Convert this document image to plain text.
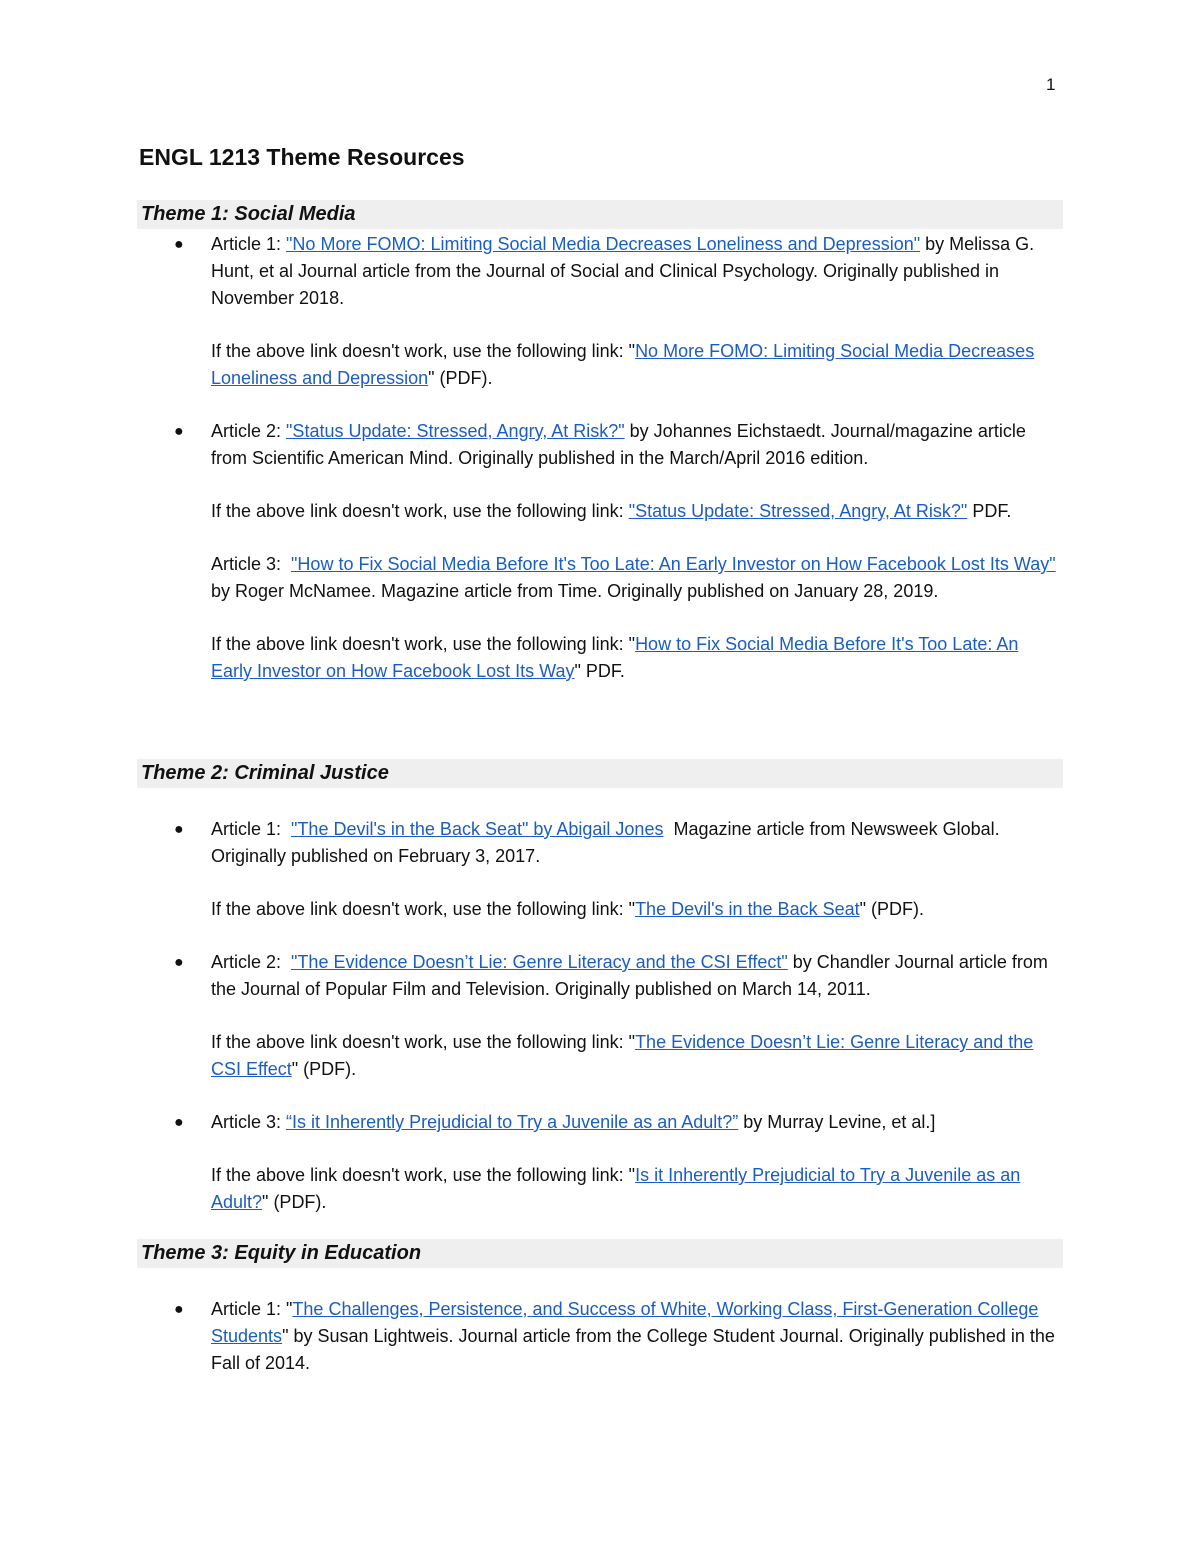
1
ENGL 1213 Theme Resources
Theme 1: Social Media
● Article 1: "No More FOMO: Limiting Social Media Decreases Loneliness and Depression" by Melissa G. Hunt, et al Journal article from the Journal of Social and Clinical Psychology. Originally published in November 2018.

If the above link doesn't work, use the following link: "No More FOMO: Limiting Social Media Decreases Loneliness and Depression" (PDF).

● Article 2: "Status Update: Stressed, Angry, At Risk?" by Johannes Eichstaedt. Journal/magazine article from Scientific American Mind. Originally published in the March/April 2016 edition.

If the above link doesn't work, use the following link: "Status Update: Stressed, Angry, At Risk?" PDF.

Article 3: "How to Fix Social Media Before It's Too Late: An Early Investor on How Facebook Lost Its Way" by Roger McNamee. Magazine article from Time. Originally published on January 28, 2019.

If the above link doesn't work, use the following link: "How to Fix Social Media Before It's Too Late: An Early Investor on How Facebook Lost Its Way" PDF.

Theme 2: Criminal Justice
● Article 1: "The Devil's in the Back Seat" by Abigail Jones Magazine article from Newsweek Global. Originally published on February 3, 2017.

If the above link doesn't work, use the following link: "The Devil's in the Back Seat" (PDF).

● Article 2: "The Evidence Doesn’t Lie: Genre Literacy and the CSI Effect" by Chandler Journal article from the Journal of Popular Film and Television. Originally published on March 14, 2011.

If the above link doesn't work, use the following link: "The Evidence Doesn’t Lie: Genre Literacy and the CSI Effect" (PDF).

● Article 3: “Is it Inherently Prejudicial to Try a Juvenile as an Adult?” by Murray Levine, et al.]

If the above link doesn't work, use the following link: "Is it Inherently Prejudicial to Try a Juvenile as an Adult?" (PDF).

Theme 3: Equity in Education
● Article 1: "The Challenges, Persistence, and Success of White, Working Class, First-Generation College Students" by Susan Lightweis. Journal article from the College Student Journal. Originally published in the Fall of 2014.
